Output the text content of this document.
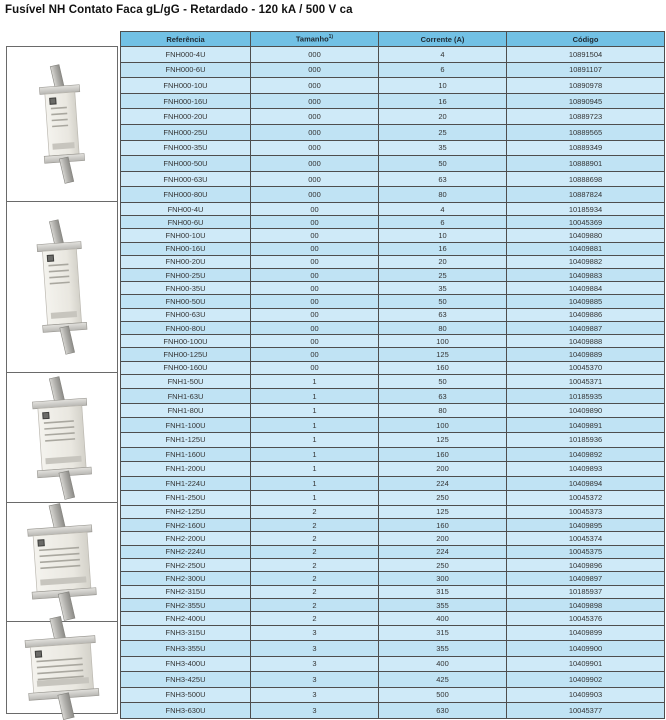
Fusível NH Contato Faca gL/gG - Retardado - 120 kA / 500 V ca
Referência	Tamanho$^{1)}$	Corrente (A)	Código
FNH000-4U	000	4	10891504
FNH000-6U	000	6	10891107
FNH000-10U	000	10	10890978
FNH000-16U	000	16	10890945
FNH000-20U	000	20	10889723
FNH000-25U	000	25	10889565
FNH000-35U	000	35	10889349
FNH000-50U	000	50	10888901
FNH000-63U	000	63	10888698
FNH000-80U	000	80	10887824
FNH00-4U	00	4	10185934
FNH00-6U	00	6	10045369
FNH00-10U	00	10	10409880
FNH00-16U	00	16	10409881
FNH00-20U	00	20	10409882
FNH00-25U	00	25	10409883
FNH00-35U	00	35	10409884
FNH00-50U	00	50	10409885
FNH00-63U	00	63	10409886
FNH00-80U	00	80	10409887
FNH00-100U	00	100	10409888
FNH00-125U	00	125	10409889
FNH00-160U	00	160	10045370
FNH1-50U	1	50	10045371
FNH1-63U	1	63	10185935
FNH1-80U	1	80	10409890
FNH1-100U	1	100	10409891
FNH1-125U	1	125	10185936
FNH1-160U	1	160	10409892
FNH1-200U	1	200	10409893
FNH1-224U	1	224	10409894
FNH1-250U	1	250	10045372
FNH2-125U	2	125	10045373
FNH2-160U	2	160	10409895
FNH2-200U	2	200	10045374
FNH2-224U	2	224	10045375
FNH2-250U	2	250	10409896
FNH2-300U	2	300	10409897
FNH2-315U	2	315	10185937
FNH2-355U	2	355	10409898
FNH2-400U	2	400	10045376
FNH3-315U	3	315	10409899
FNH3-355U	3	355	10409900
FNH3-400U	3	400	10409901
FNH3-425U	3	425	10409902
FNH3-500U	3	500	10409903
FNH3-630U	3	630	10045377
